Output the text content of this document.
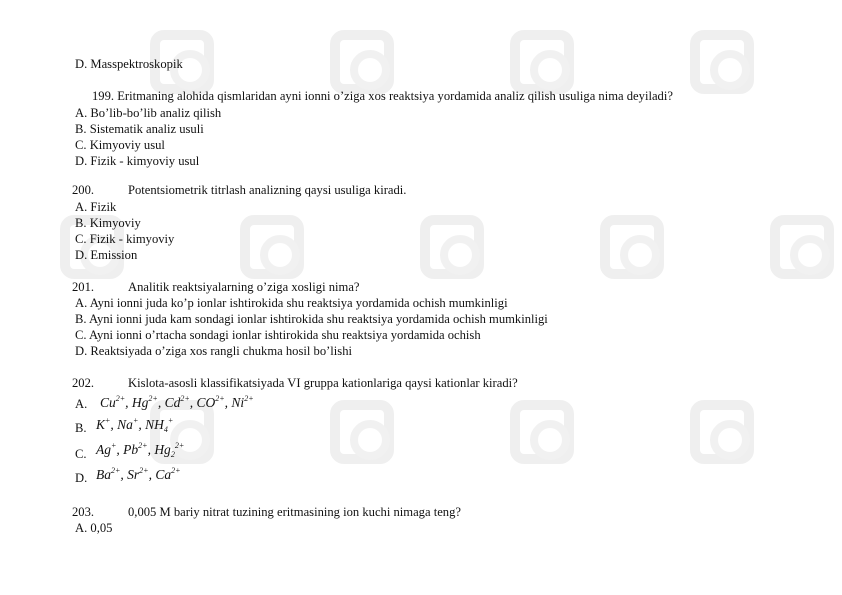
D. Masspektroskopik
199. Eritmaning alohida qismlaridan ayni ionni o’ziga xos reaktsiya yordamida analiz qilish usuliga nima deyiladi?
A. Bo’lib-bo’lib analiz qilish
B. Sistematik analiz usuli
C. Kimyoviy usul
D. Fizik - kimyoviy usul
200.	Potentsiometrik titrlash analizning qaysi usuliga kiradi.
A. Fizik
B. Kimyoviy
C. Fizik - kimyoviy
D. Emission
201.	Analitik reaktsiyalarning o’ziga xosligi nima?
A. Ayni ionni juda ko’p ionlar ishtirokida shu reaktsiya yordamida ochish mumkinligi
B. Ayni ionni juda kam sondagi ionlar ishtirokida shu reaktsiya yordamida ochish mumkinligi
C. Ayni ionni o’rtacha sondagi ionlar ishtirokida shu reaktsiya yordamida ochish
D. Reaktsiyada o’ziga xos rangli chukma hosil bo’lishi
202.	Kislota-asosli klassifikatsiyada VI gruppa kationlariga qaysi kationlar kiradi?
A. $Cu^{2+}$, $Hg^{2+}$, $Cd^{2+}$, $CO^{2+}$, $Ni^{2+}$
B. K+, Na+, $NH_4^+$
C. Ag+, $Pb^{2+}$, $Hg_2^{2+}$
D. $Ba^{2+}$, $Sr^{2+}$, $Ca^{2+}$
203.	0,005 M bariy nitrat tuzining eritmasining ion kuchi nimaga teng?
A. 0,05
